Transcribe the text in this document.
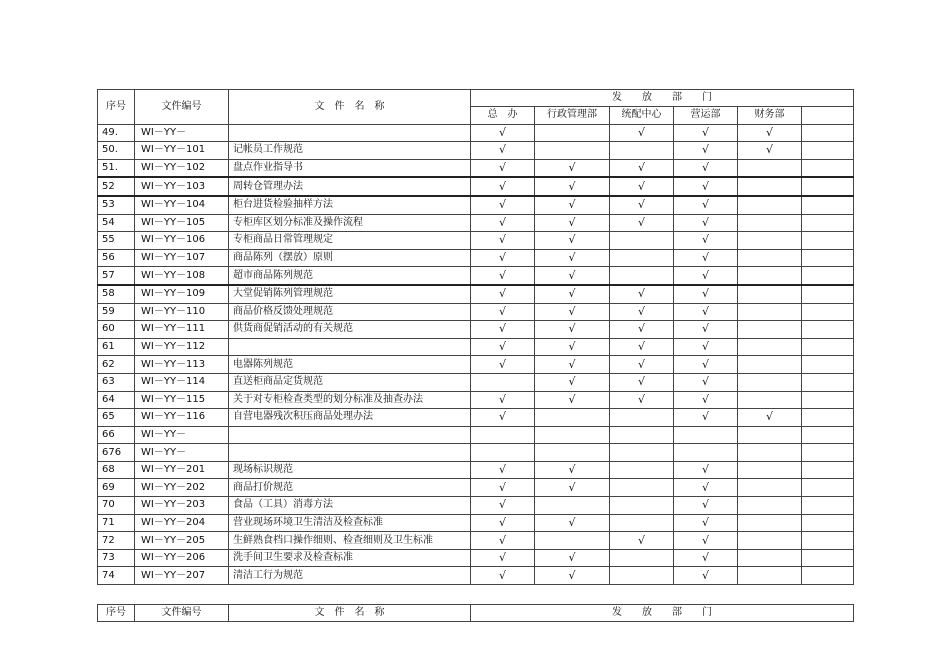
序号	文件编号	文　件　名　称	发　　放　　部　　门					
			总　办	行政管理部	统配中心	营运部	财务部	
49.	WI－YY－		√		√	√	√	
50.	WI－YY－101	记帐员工作规范	√			√	√	
51.	WI－YY－102	盘点作业指导书	√	√	√	√		
52	WI－YY－103	周转仓管理办法	√	√	√	√		
53	WI－YY－104	柜台进货检验抽样方法	√	√	√	√		
54	WI－YY－105	专柜库区划分标准及操作流程	√	√	√	√		
55	WI－YY－106	专柜商品日常管理规定	√	√		√		
56	WI－YY－107	商品陈列（摆放）原则	√	√		√		
57	WI－YY－108	超市商品陈列规范	√	√		√		
58	WI－YY－109	大堂促销陈列管理规范	√	√	√	√		
59	WI－YY－110	商品价格反馈处理规范	√	√	√	√		
60	WI－YY－111	供货商促销活动的有关规范	√	√	√	√		
61	WI－YY－112		√	√	√	√		
62	WI－YY－113	电器陈列规范	√	√	√	√		
63	WI－YY－114	直送柜商品定货规范		√	√	√		
64	WI－YY－115	关于对专柜检查类型的划分标准及抽查办法	√	√	√	√		
65	WI－YY－116	自营电器残次积压商品处理办法	√			√	√	
66	WI－YY－							
676	WI－YY－							
68	WI－YY－201	现场标识规范	√	√		√		
69	WI－YY－202	商品打价规范	√	√		√		
70	WI－YY－203	食品（工具）消毒方法	√			√		
71	WI－YY－204	营业现场环境卫生清洁及检查标准	√	√		√		
72	WI－YY－205	生鲜熟食档口操作细则、检查细则及卫生标准	√		√	√		
73	WI－YY－206	洗手间卫生要求及检查标准	√	√		√		
74	WI－YY－207	清洁工行为规范	√	√		√		
序号	文件编号	文　件　名　称	发　　放　　部　　门
